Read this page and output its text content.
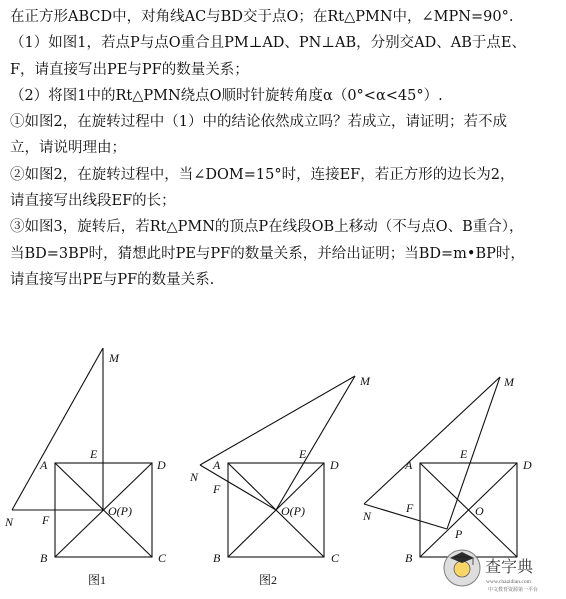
在正方形ABCD中，对角线AC与BD交于点O；在Rt△PMN中，∠MPN=90°.
（1）如图1，若点P与点O重合且PM⊥AD、PN⊥AB，分别交AD、AB于点E、
F，请直接写出PE与PF的数量关系；
（2）将图1中的Rt△PMN绕点O顺时针旋转角度α（0°<α<45°）.
①如图2，在旋转过程中（1）中的结论依然成立吗？若成立，请证明；若不成
立，请说明理由；
②如图2，在旋转过程中，当∠DOM=15°时，连接EF，若正方形的边长为2，
请直接写出线段EF的长；
③如图3，旋转后，若Rt△PMN的顶点P在线段OB上移动（不与点O、B重合），
当BD=3BP时，猜想此时PE与PF的数量关系，并给出证明；当BD=m•BP时，
请直接写出PE与PF的数量关系.
M
E
A	D
N F
O(P)
B	C
M
E
A	D
N
F
O(P)
B	C
M
E
A	D
N
F	O
P
B
图1	图2
查字典
www.chazidian.com
中文教育资源第一平台
